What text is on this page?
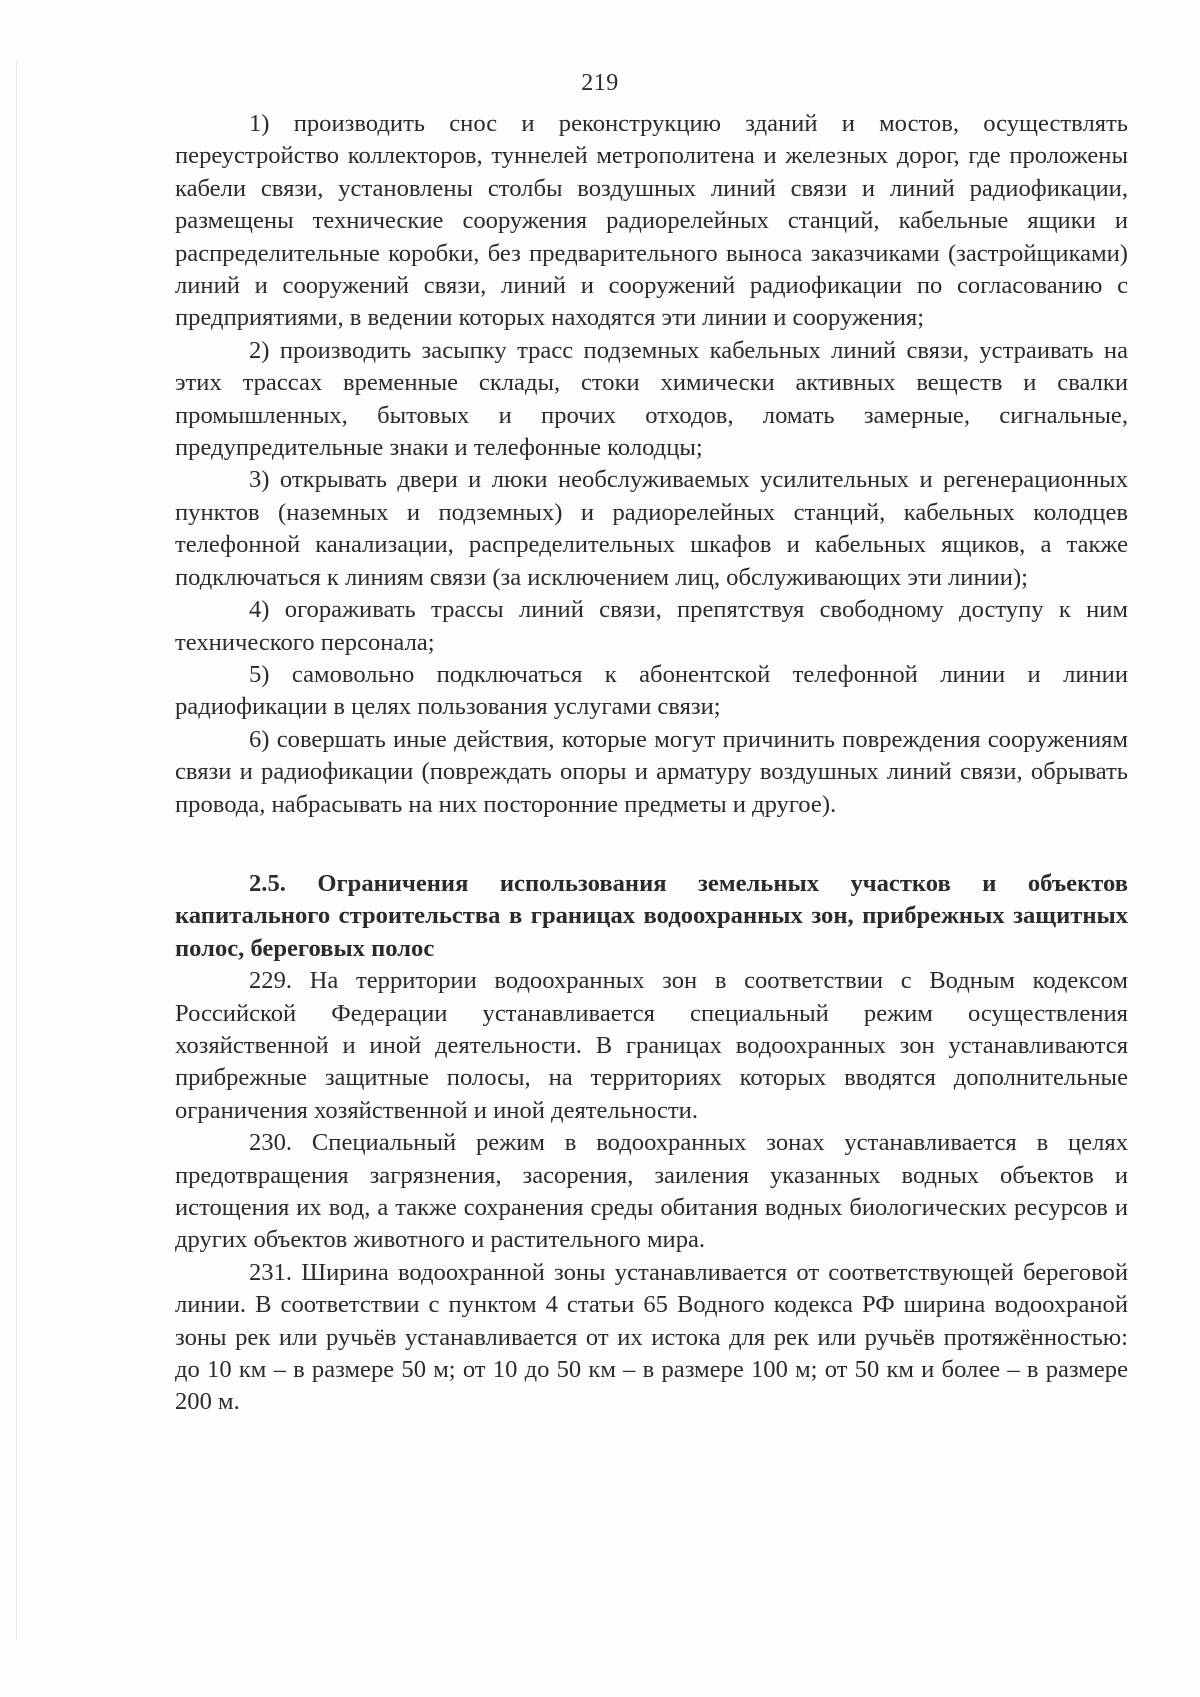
219

1) производить снос и реконструкцию зданий и мостов, осуществлять переустройство коллекторов, туннелей метрополитена и железных дорог, где проложены кабели связи, установлены столбы воздушных линий связи и линий радиофикации, размещены технические сооружения радиорелейных станций, кабельные ящики и распределительные коробки, без предварительного выноса заказчиками (застройщиками) линий и сооружений связи, линий и сооружений радиофикации по согласованию с предприятиями, в ведении которых находятся эти линии и сооружения;

2) производить засыпку трасс подземных кабельных линий связи, устраивать на этих трассах временные склады, стоки химически активных веществ и свалки промышленных, бытовых и прочих отходов, ломать замерные, сигнальные, предупредительные знаки и телефонные колодцы;

3) открывать двери и люки необслуживаемых усилительных и регенерационных пунктов (наземных и подземных) и радиорелейных станций, кабельных колодцев телефонной канализации, распределительных шкафов и кабельных ящиков, а также подключаться к линиям связи (за исключением лиц, обслуживающих эти линии);

4) огораживать трассы линий связи, препятствуя свободному доступу к ним технического персонала;

5) самовольно подключаться к абонентской телефонной линии и линии радиофикации в целях пользования услугами связи;

6) совершать иные действия, которые могут причинить повреждения сооружениям связи и радиофикации (повреждать опоры и арматуру воздушных линий связи, обрывать провода, набрасывать на них посторонние предметы и другое).

2.5. Ограничения использования земельных участков и объектов капитального строительства в границах водоохранных зон, прибрежных защитных полос, береговых полос

229. На территории водоохранных зон в соответствии с Водным кодексом Российской Федерации устанавливается специальный режим осуществления хозяйственной и иной деятельности. В границах водоохранных зон устанавливаются прибрежные защитные полосы, на территориях которых вводятся дополнительные ограничения хозяйственной и иной деятельности.

230. Специальный режим в водоохранных зонах устанавливается в целях предотвращения загрязнения, засорения, заиления указанных водных объектов и истощения их вод, а также сохранения среды обитания водных биологических ресурсов и других объектов животного и растительного мира.

231. Ширина водоохранной зоны устанавливается от соответствующей береговой линии. В соответствии с пунктом 4 статьи 65 Водного кодекса РФ ширина водоохраной зоны рек или ручьёв устанавливается от их истока для рек или ручьёв протяжённостью: до 10 км – в размере 50 м; от 10 до 50 км – в размере 100 м; от 50 км и более – в размере 200 м.
